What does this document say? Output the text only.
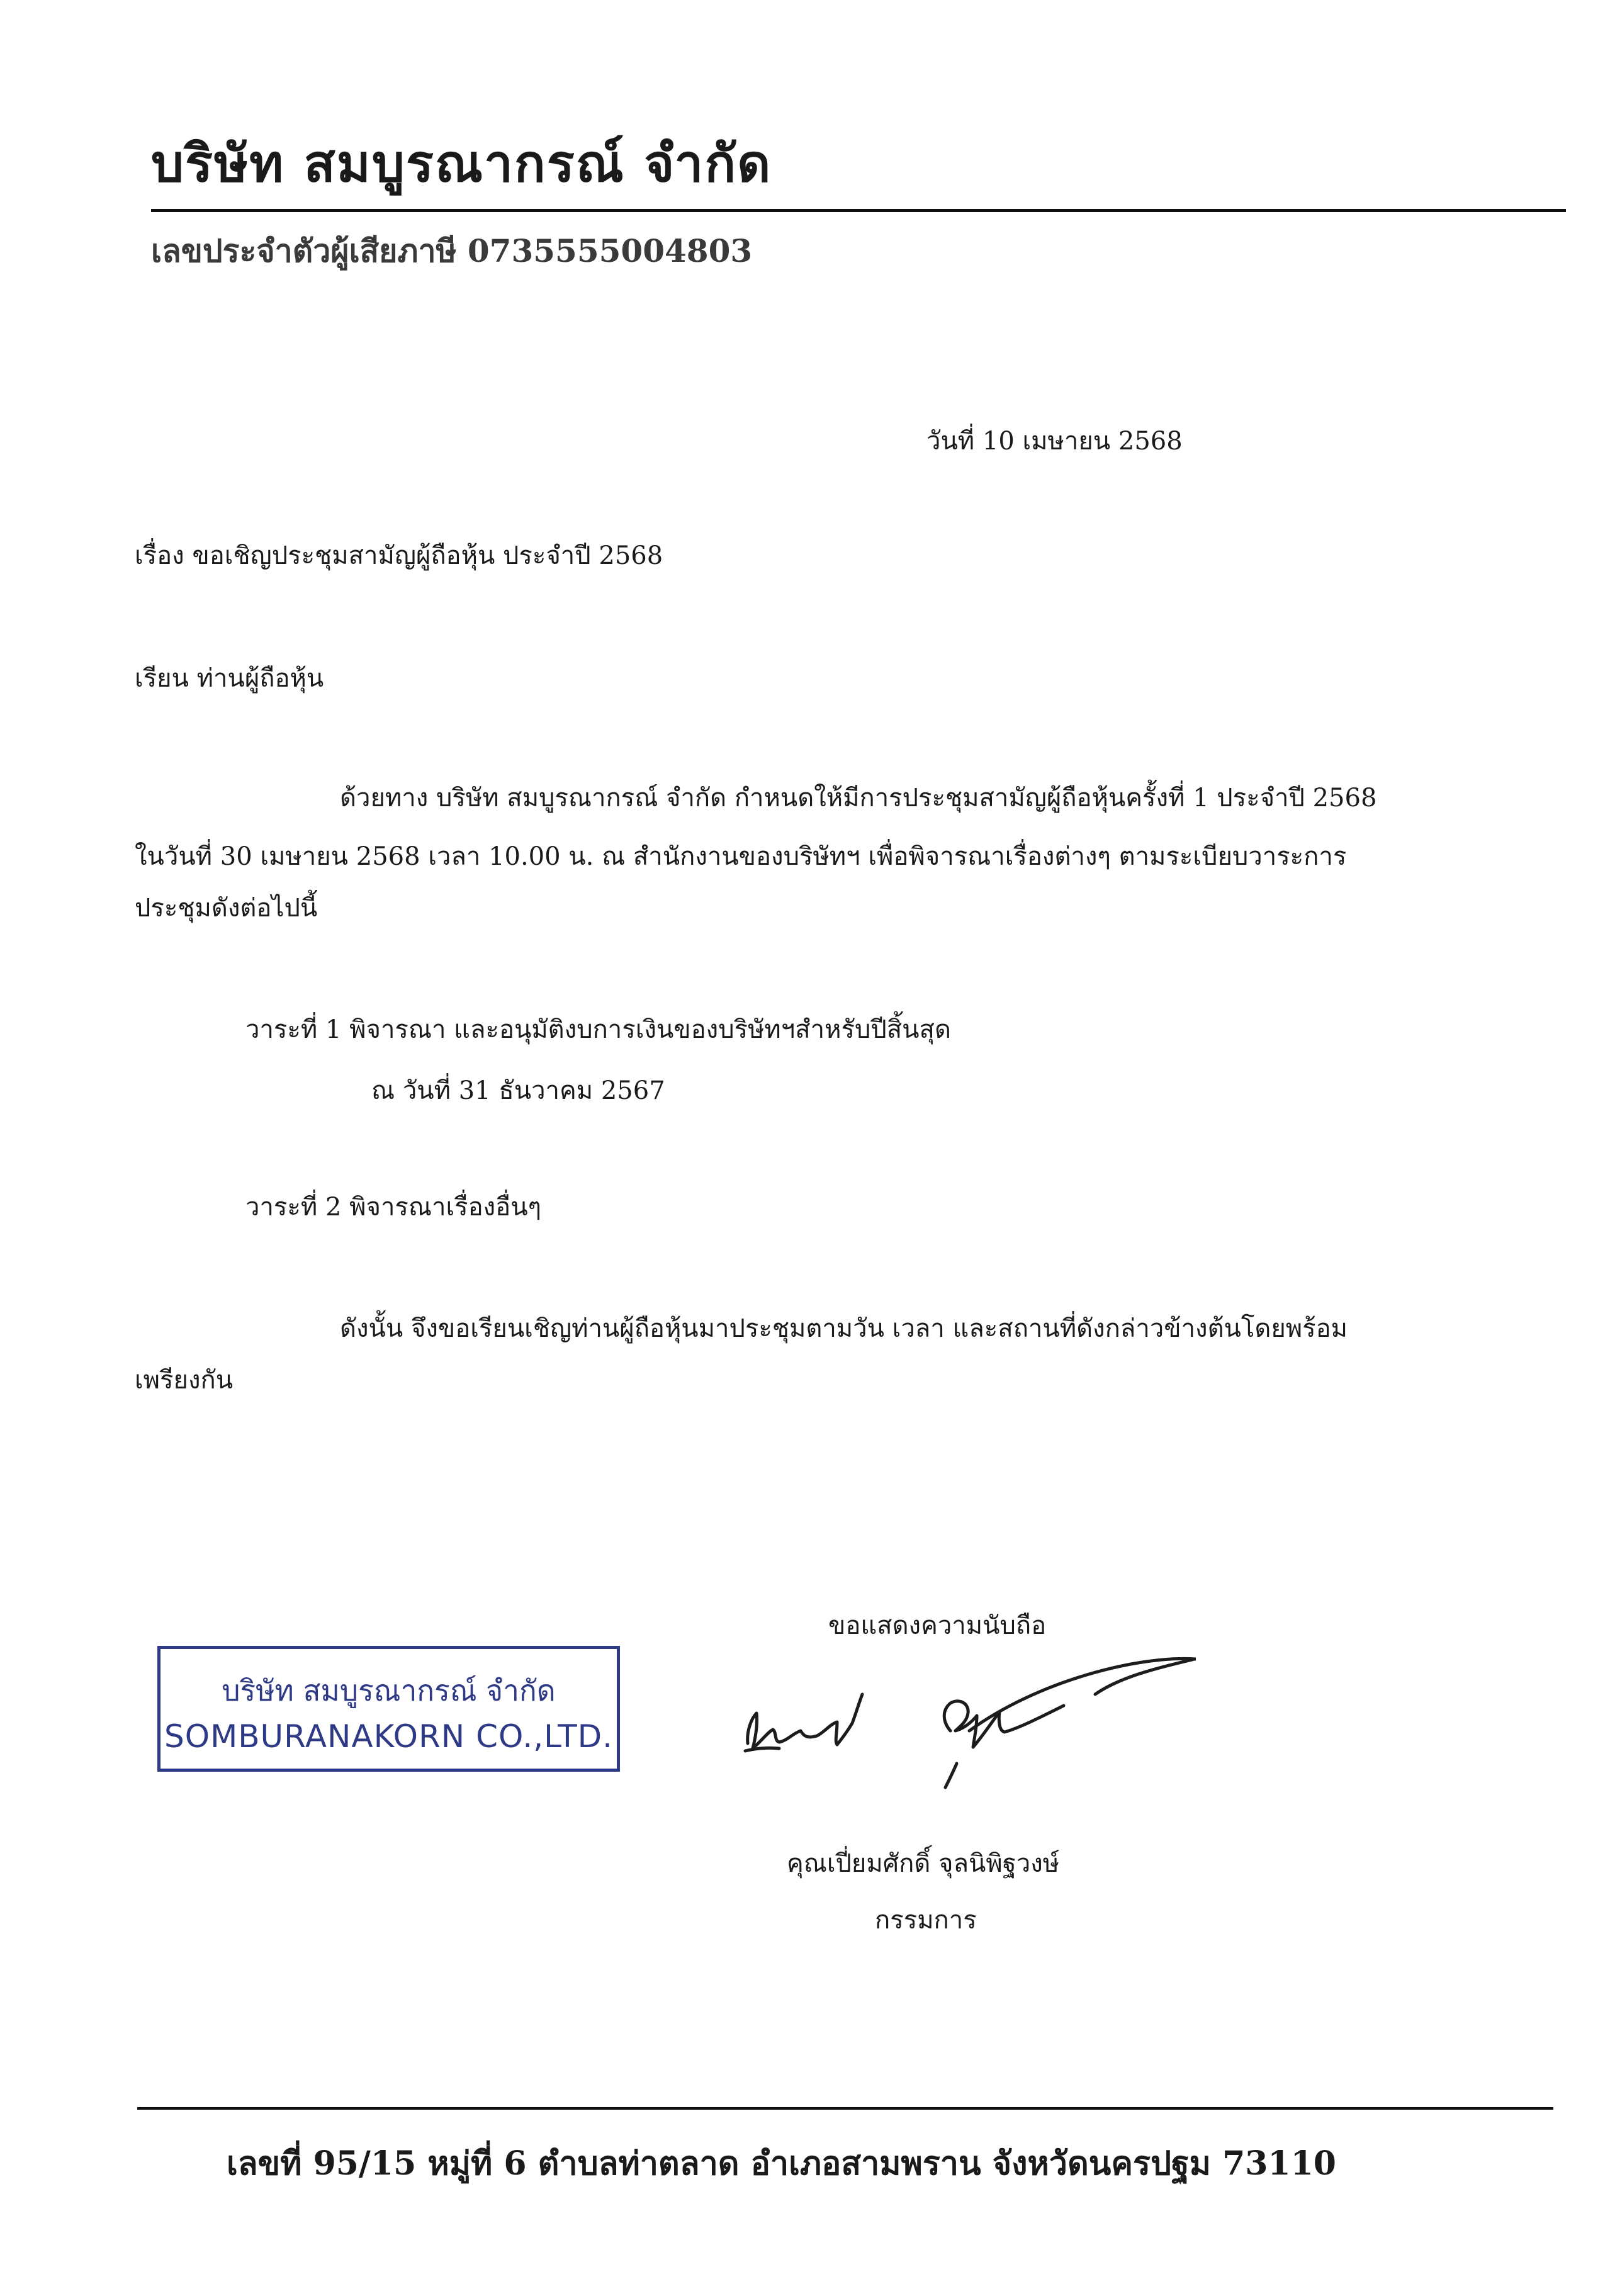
บริษัท สมบูรณากรณ์ จำกัด
เลขประจำตัวผู้เสียภาษี 0735555004803
วันที่ 10 เมษายน 2568
เรื่อง ขอเชิญประชุมสามัญผู้ถือหุ้น ประจำปี 2568
เรียน ท่านผู้ถือหุ้น
ด้วยทาง บริษัท สมบูรณากรณ์ จำกัด กำหนดให้มีการประชุมสามัญผู้ถือหุ้นครั้งที่ 1 ประจำปี 2568
ในวันที่ 30 เมษายน 2568 เวลา 10.00 น. ณ สำนักงานของบริษัทฯ เพื่อพิจารณาเรื่องต่างๆ ตามระเบียบวาระการ
ประชุมดังต่อไปนี้
วาระที่ 1 พิจารณา และอนุมัติงบการเงินของบริษัทฯสำหรับปีสิ้นสุด
ณ วันที่ 31 ธันวาคม 2567
วาระที่ 2 พิจารณาเรื่องอื่นๆ
ดังนั้น จึงขอเรียนเชิญท่านผู้ถือหุ้นมาประชุมตามวัน เวลา และสถานที่ดังกล่าวข้างต้นโดยพร้อม
เพรียงกัน
ขอแสดงความนับถือ
บริษัท สมบูรณากรณ์ จำกัด
SOMBURANAKORN CO.,LTD.
คุณเปี่ยมศักดิ์ จุลนิพิฐวงษ์
กรรมการ
เลขที่ 95/15 หมู่ที่ 6 ตำบลท่าตลาด อำเภอสามพราน จังหวัดนครปฐม 73110
